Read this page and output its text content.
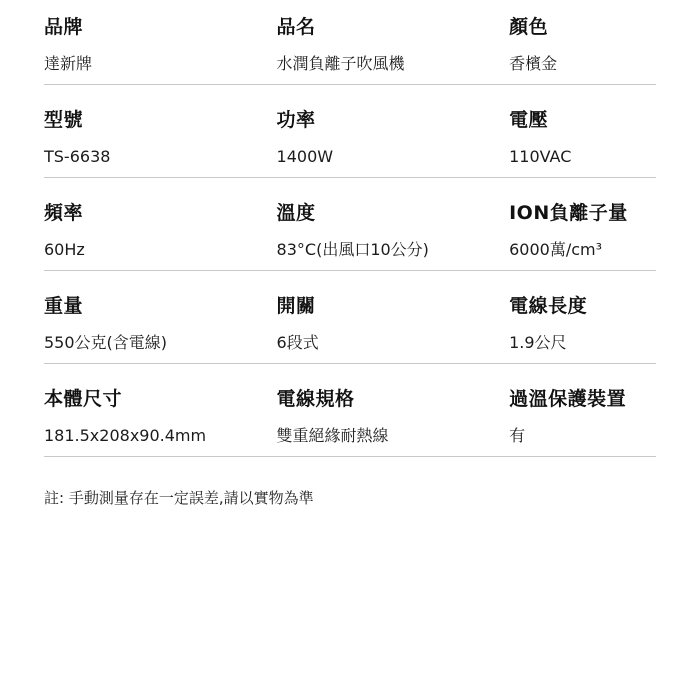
品牌	品名	顏色
達新牌	水潤負離子吹風機	香檳金
型號	功率	電壓
TS-6638	1400W	110VAC
頻率	溫度	ION負離子量
60Hz	83°C(出風口10公分)	6000萬/cm³
重量	開關	電線長度
550公克(含電線)	6段式	1.9公尺
本體尺寸	電線規格	過溫保護裝置
181.5x208x90.4mm	雙重絕緣耐熱線	有
註: 手動測量存在一定誤差,請以實物為準
